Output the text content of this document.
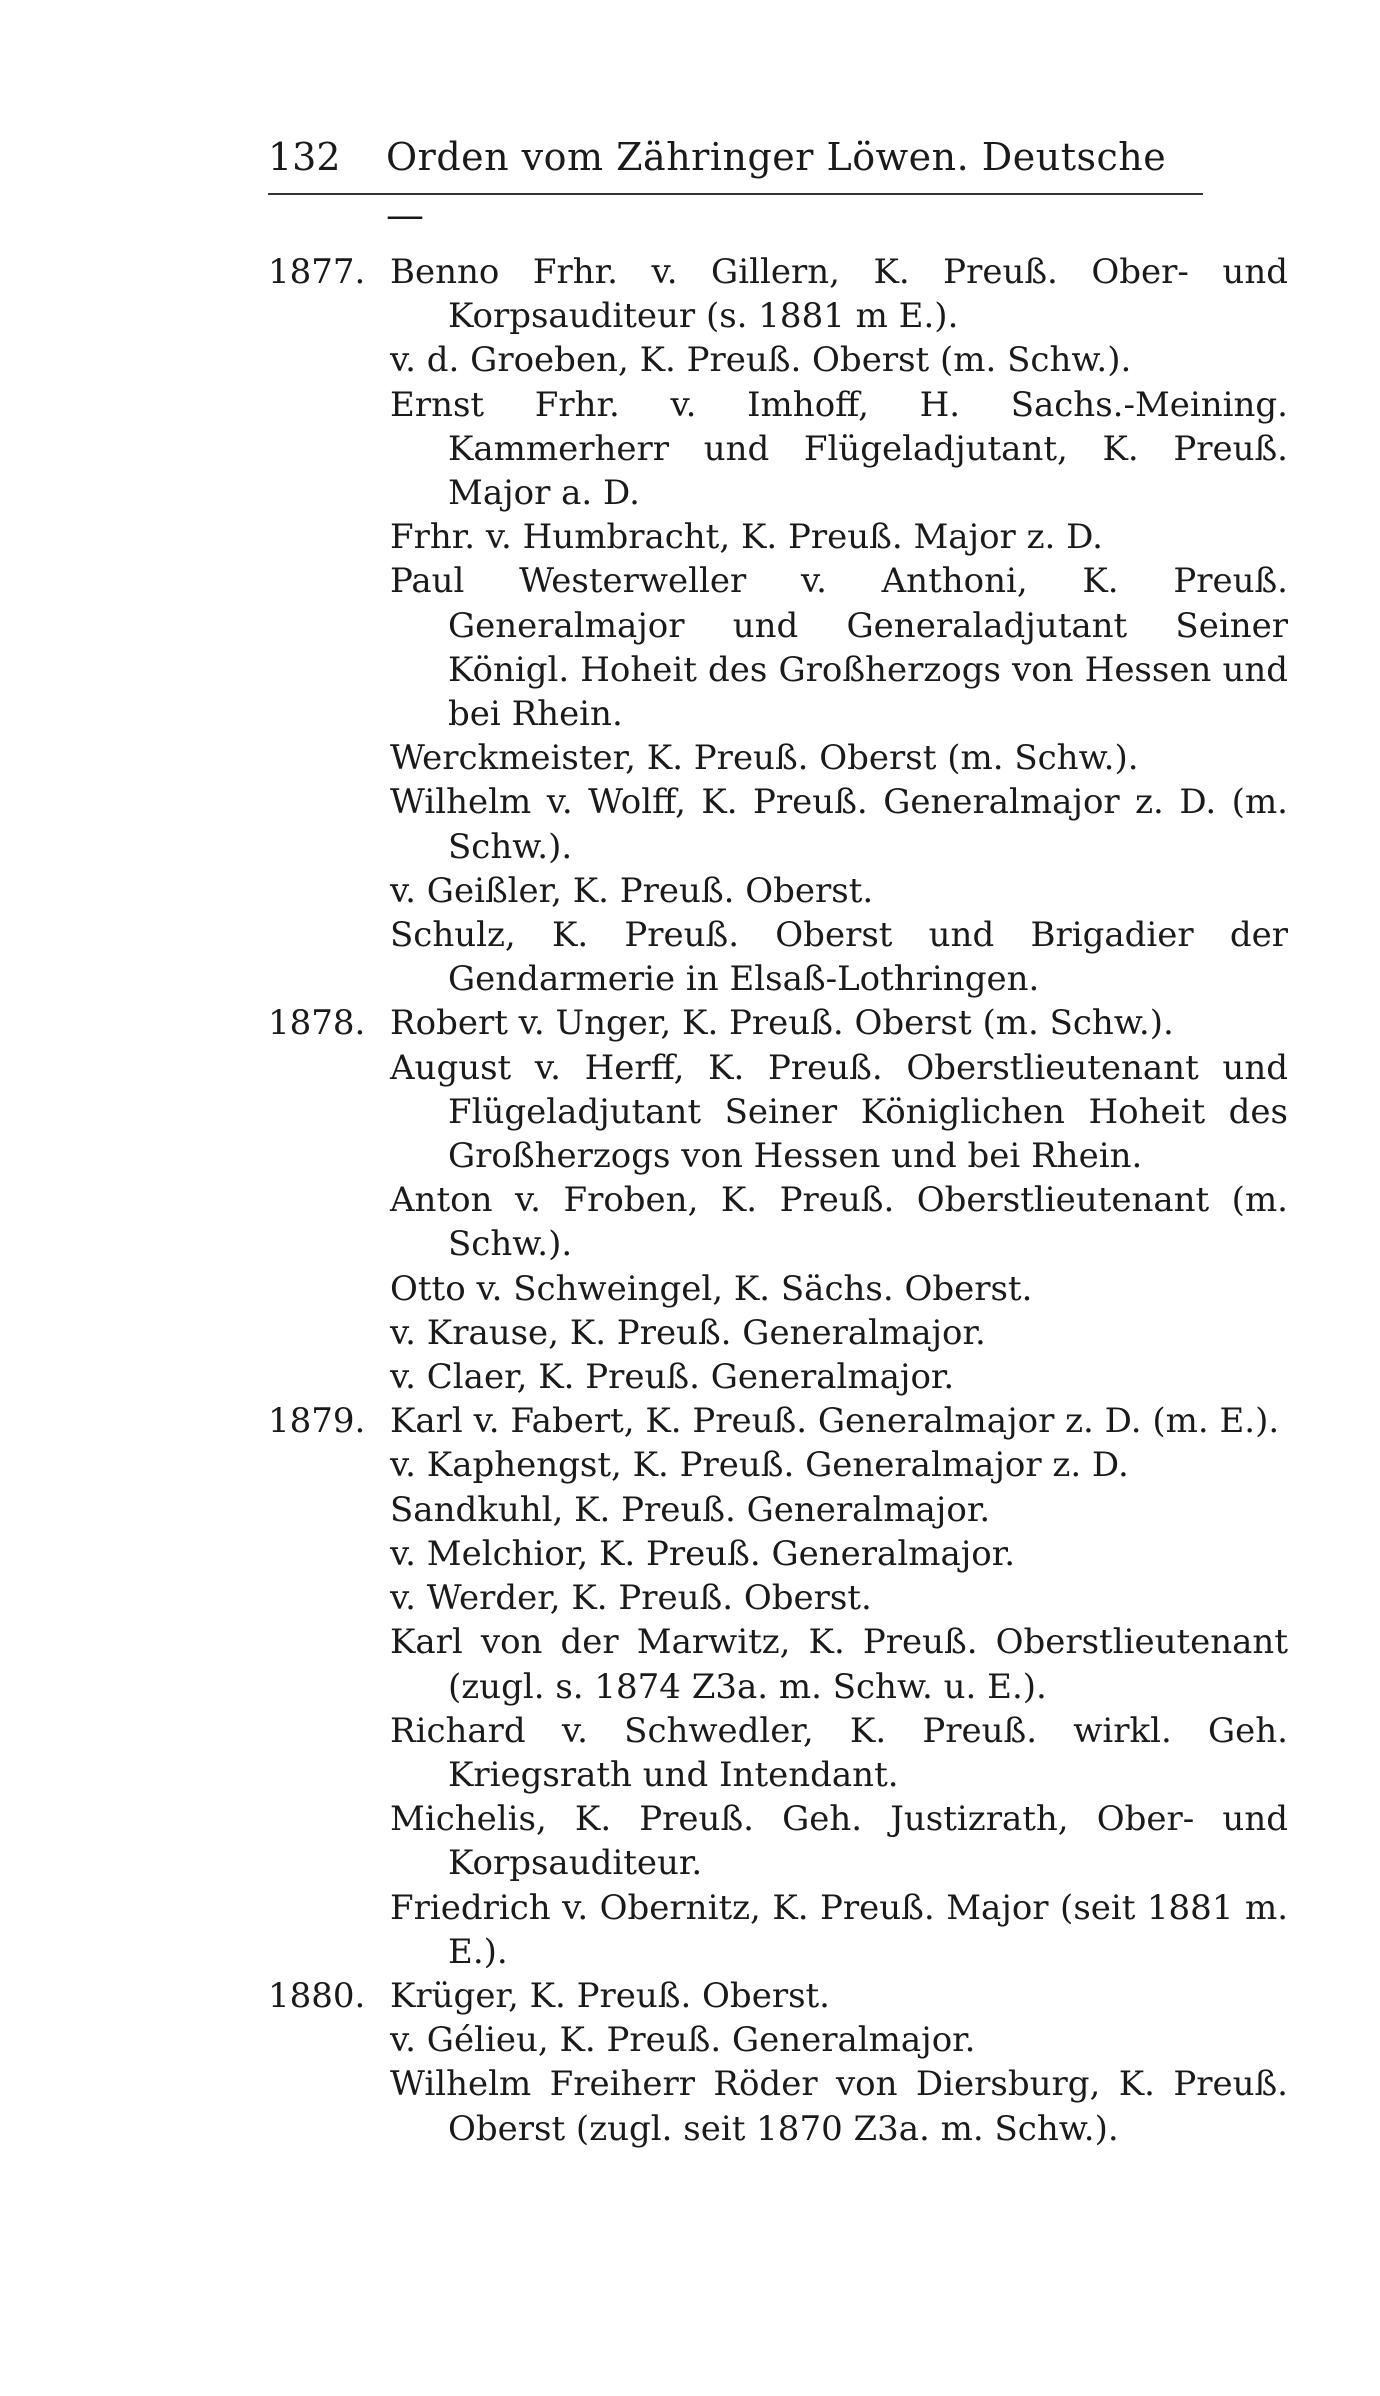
132 Orden vom Zähringer Löwen. Deutsche —
1877. Benno Frhr. v. Gillern, K. Preuß. Ober- und Korpsauditeur (s. 1881 m E.).
v. d. Groeben, K. Preuß. Oberst (m. Schw.).
Ernst Frhr. v. Imhoff, H. Sachs.-Meining. Kammerherr und Flügeladjutant, K. Preuß. Major a. D.
Frhr. v. Humbracht, K. Preuß. Major z. D.
Paul Westerweller v. Anthoni, K. Preuß. Generalmajor und Generaladjutant Seiner Königl. Hoheit des Großherzogs von Hessen und bei Rhein.
Werckmeister, K. Preuß. Oberst (m. Schw.).
Wilhelm v. Wolff, K. Preuß. Generalmajor z. D. (m. Schw.).
v. Geißler, K. Preuß. Oberst.
Schulz, K. Preuß. Oberst und Brigadier der Gendarmerie in Elsaß-Lothringen.
1878. Robert v. Unger, K. Preuß. Oberst (m. Schw.).
August v. Herff, K. Preuß. Oberstlieutenant und Flügeladjutant Seiner Königlichen Hoheit des Großherzogs von Hessen und bei Rhein.
Anton v. Froben, K. Preuß. Oberstlieutenant (m. Schw.).
Otto v. Schweingel, K. Sächs. Oberst.
v. Krause, K. Preuß. Generalmajor.
v. Claer, K. Preuß. Generalmajor.
1879. Karl v. Fabert, K. Preuß. Generalmajor z. D. (m. E.).
v. Kaphengst, K. Preuß. Generalmajor z. D.
Sandkuhl, K. Preuß. Generalmajor.
v. Melchior, K. Preuß. Generalmajor.
v. Werder, K. Preuß. Oberst.
Karl von der Marwitz, K. Preuß. Oberstlieutenant (zugl. s. 1874 Z3a. m. Schw. u. E.).
Richard v. Schwedler, K. Preuß. wirkl. Geh. Kriegsrath und Intendant.
Michelis, K. Preuß. Geh. Justizrath, Ober- und Korpsauditeur.
Friedrich v. Obernitz, K. Preuß. Major (seit 1881 m. E.).
1880. Krüger, K. Preuß. Oberst.
v. Gélieu, K. Preuß. Generalmajor.
Wilhelm Freiherr Röder von Diersburg, K. Preuß. Oberst (zugl. seit 1870 Z3a. m. Schw.).
